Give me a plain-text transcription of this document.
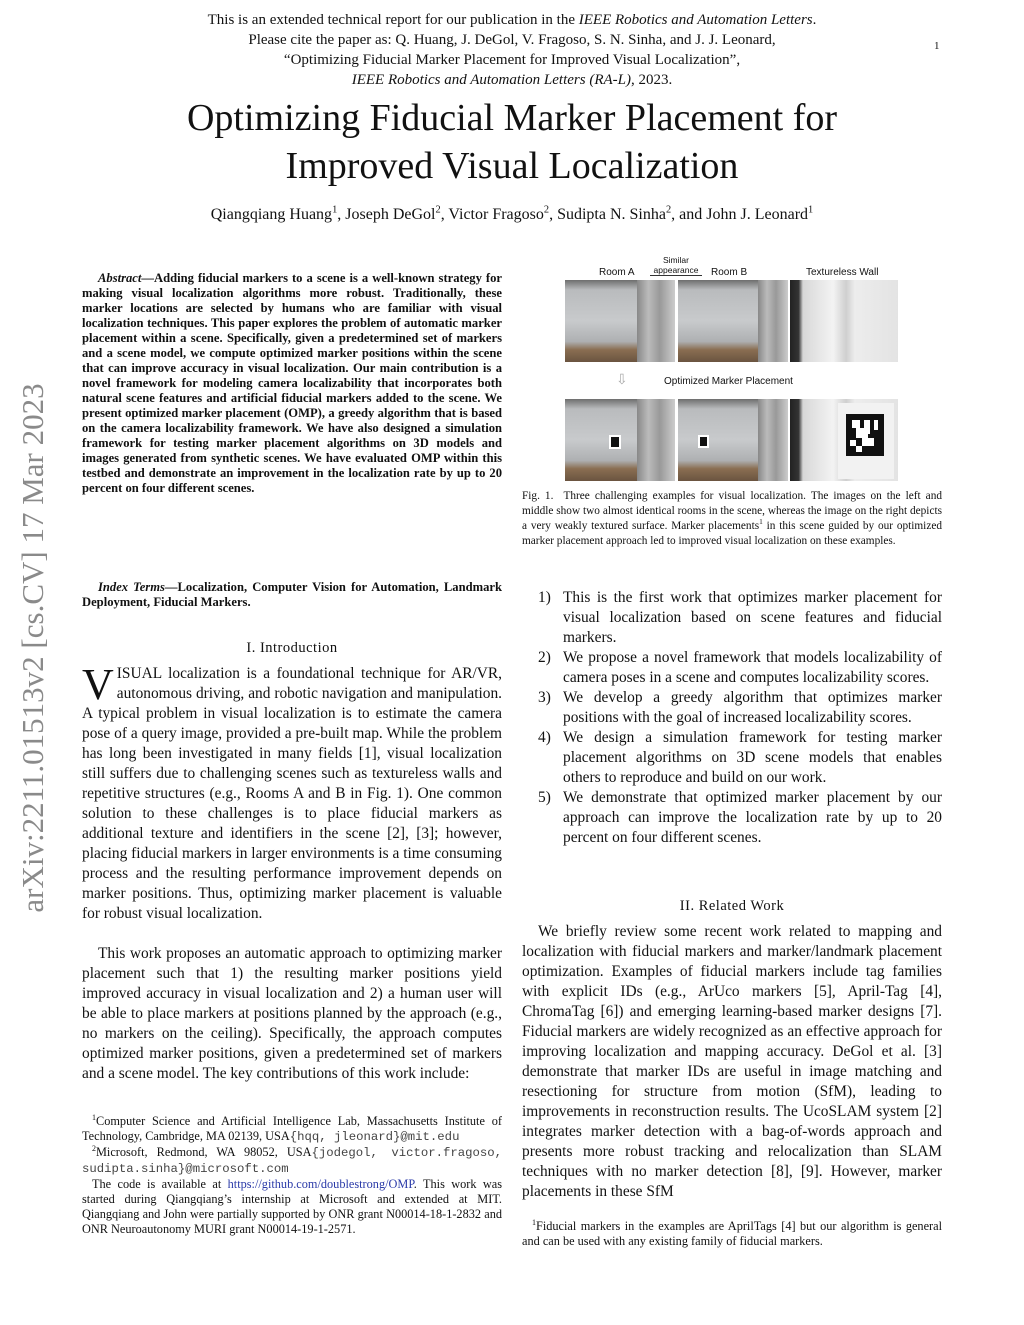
This is an extended technical report for our publication in the IEEE Robotics and Automation Letters.
Please cite the paper as: Q. Huang, J. DeGol, V. Fragoso, S. N. Sinha, and J. J. Leonard,
“Optimizing Fiducial Marker Placement for Improved Visual Localization”,
IEEE Robotics and Automation Letters (RA-L), 2023.
1
arXiv:2211.01513v2 [cs.CV] 17 Mar 2023
Optimizing Fiducial Marker Placement for
Improved Visual Localization
Qiangqiang Huang$^1$, Joseph DeGol$^2$, Victor Fragoso$^2$, Sudipta N. Sinha$^2$, and John J. Leonard$^1$
Abstract—Adding fiducial markers to a scene is a well-known strategy for making visual localization algorithms more robust. Traditionally, these marker locations are selected by humans who are familiar with visual localization techniques. This paper explores the problem of automatic marker placement within a scene. Specifically, given a predetermined set of markers and a scene model, we compute optimized marker positions within the scene that can improve accuracy in visual localization. Our main contribution is a novel framework for modeling camera localizability that incorporates both natural scene features and artificial fiducial markers added to the scene. We present optimized marker placement (OMP), a greedy algorithm that is based on the camera localizability framework. We have also designed a simulation framework for testing marker placement algorithms on 3D models and images generated from synthetic scenes. We have evaluated OMP within this testbed and demonstrate an improvement in the localization rate by up to 20 percent on four different scenes.
Index Terms—Localization, Computer Vision for Automation, Landmark Deployment, Fiducial Markers.
I. Introduction
VISUAL localization is a foundational technique for AR/VR, autonomous driving, and robotic navigation and manipulation. A typical problem in visual localization is to estimate the camera pose of a query image, provided a pre-built map. While the problem has long been investigated in many fields [1], visual localization still suffers due to challenging scenes such as textureless walls and repetitive structures (e.g., Rooms A and B in Fig. 1). One common solution to these challenges is to place fiducial markers as additional texture and identifiers in the scene [2], [3]; however, placing fiducial markers in larger environments is a time consuming process and the resulting performance improvement depends on marker positions. Thus, optimizing marker placement is valuable for robust visual localization.
This work proposes an automatic approach to optimizing marker placement such that 1) the resulting marker positions yield improved accuracy in visual localization and 2) a human user will be able to place markers at positions planned by the approach (e.g., no markers on the ceiling). Specifically, the approach computes optimized marker positions, given a predetermined set of markers and a scene model. The key contributions of this work include:
$^1$Computer Science and Artificial Intelligence Lab, Massachusetts Institute of Technology, Cambridge, MA 02139, USA{hqq, jleonard}@mit.edu
$^2$Microsoft, Redmond, WA 98052, USA{jodegol, victor.fragoso, sudipta.sinha}@microsoft.com
The code is available at https://github.com/doublestrong/OMP. This work was started during Qiangqiang’s internship at Microsoft and extended at MIT. Qiangqiang and John were partially supported by ONR grant N00014-18-1-2832 and ONR Neuroautonomy MURI grant N00014-19-1-2571.
Room A
Similar appearance	Room B	Textureless Wall
⇩	Optimized Marker Placement
Fig. 1. Three challenging examples for visual localization. The images on the left and middle show two almost identical rooms in the scene, whereas the image on the right depicts a very weakly textured surface. Marker placements$^1$ in this scene guided by our optimized marker placement approach led to improved visual localization on these examples.
1) This is the first work that optimizes marker placement for visual localization based on scene features and fiducial markers.
2) We propose a novel framework that models localizability of camera poses in a scene and computes localizability scores.
3) We develop a greedy algorithm that optimizes marker positions with the goal of increased localizability scores.
4) We design a simulation framework for testing marker placement algorithms on 3D scene models that enables others to reproduce and build on our work.
5) We demonstrate that optimized marker placement by our approach can improve the localization rate by up to 20 percent on four different scenes.
II. Related Work
We briefly review some recent work related to mapping and localization with fiducial markers and marker/landmark placement optimization. Examples of fiducial markers include tag families with explicit IDs (e.g., ArUco markers [5], April-Tag [4], ChromaTag [6]) and emerging learning-based marker designs [7]. Fiducial markers are widely recognized as an effective approach for improving localization and mapping accuracy. DeGol et al. [3] demonstrate that marker IDs are useful in image matching and resectioning for structure from motion (SfM), leading to improvements in reconstruction results. The UcoSLAM system [2] integrates marker detection with a bag-of-words approach and presents more robust tracking and relocalization than SLAM techniques with no marker detection [8], [9]. However, marker placements in these SfM
$^1$Fiducial markers in the examples are AprilTags [4] but our algorithm is general and can be used with any existing family of fiducial markers.
